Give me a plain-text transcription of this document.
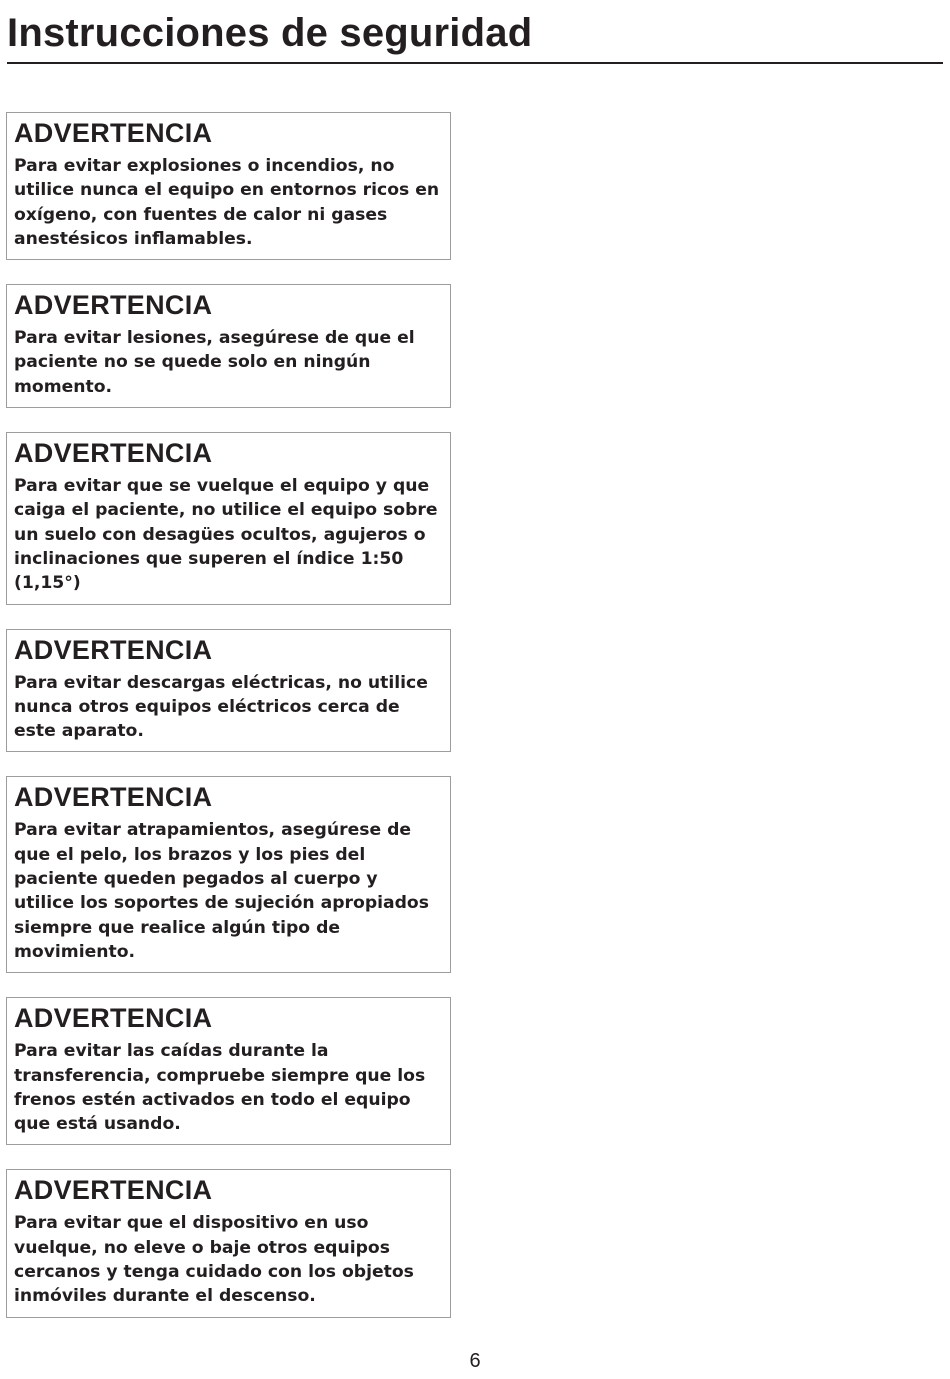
Instrucciones de seguridad
ADVERTENCIA

Para evitar explosiones o incendios, no utilice nunca el equipo en entornos ricos en oxígeno, con fuentes de calor ni gases anestésicos inflamables.

ADVERTENCIA

Para evitar lesiones, asegúrese de que el paciente no se quede solo en ningún momento.

ADVERTENCIA

Para evitar que se vuelque el equipo y que caiga el paciente, no utilice el equipo sobre un suelo con desagües ocultos, agujeros o inclinaciones que superen el índice 1:50 (1,15°)

ADVERTENCIA

Para evitar descargas eléctricas, no utilice nunca otros equipos eléctricos cerca de este aparato.

ADVERTENCIA

Para evitar atrapamientos, asegúrese de que el pelo, los brazos y los pies del paciente queden pegados al cuerpo y utilice los soportes de sujeción apropiados siempre que realice algún tipo de movimiento.

ADVERTENCIA

Para evitar las caídas durante la transferencia, compruebe siempre que los frenos estén activados en todo el equipo que está usando.

ADVERTENCIA

Para evitar que el dispositivo en uso vuelque, no eleve o baje otros equipos cercanos y tenga cuidado con los objetos inmóviles durante el descenso.

6
